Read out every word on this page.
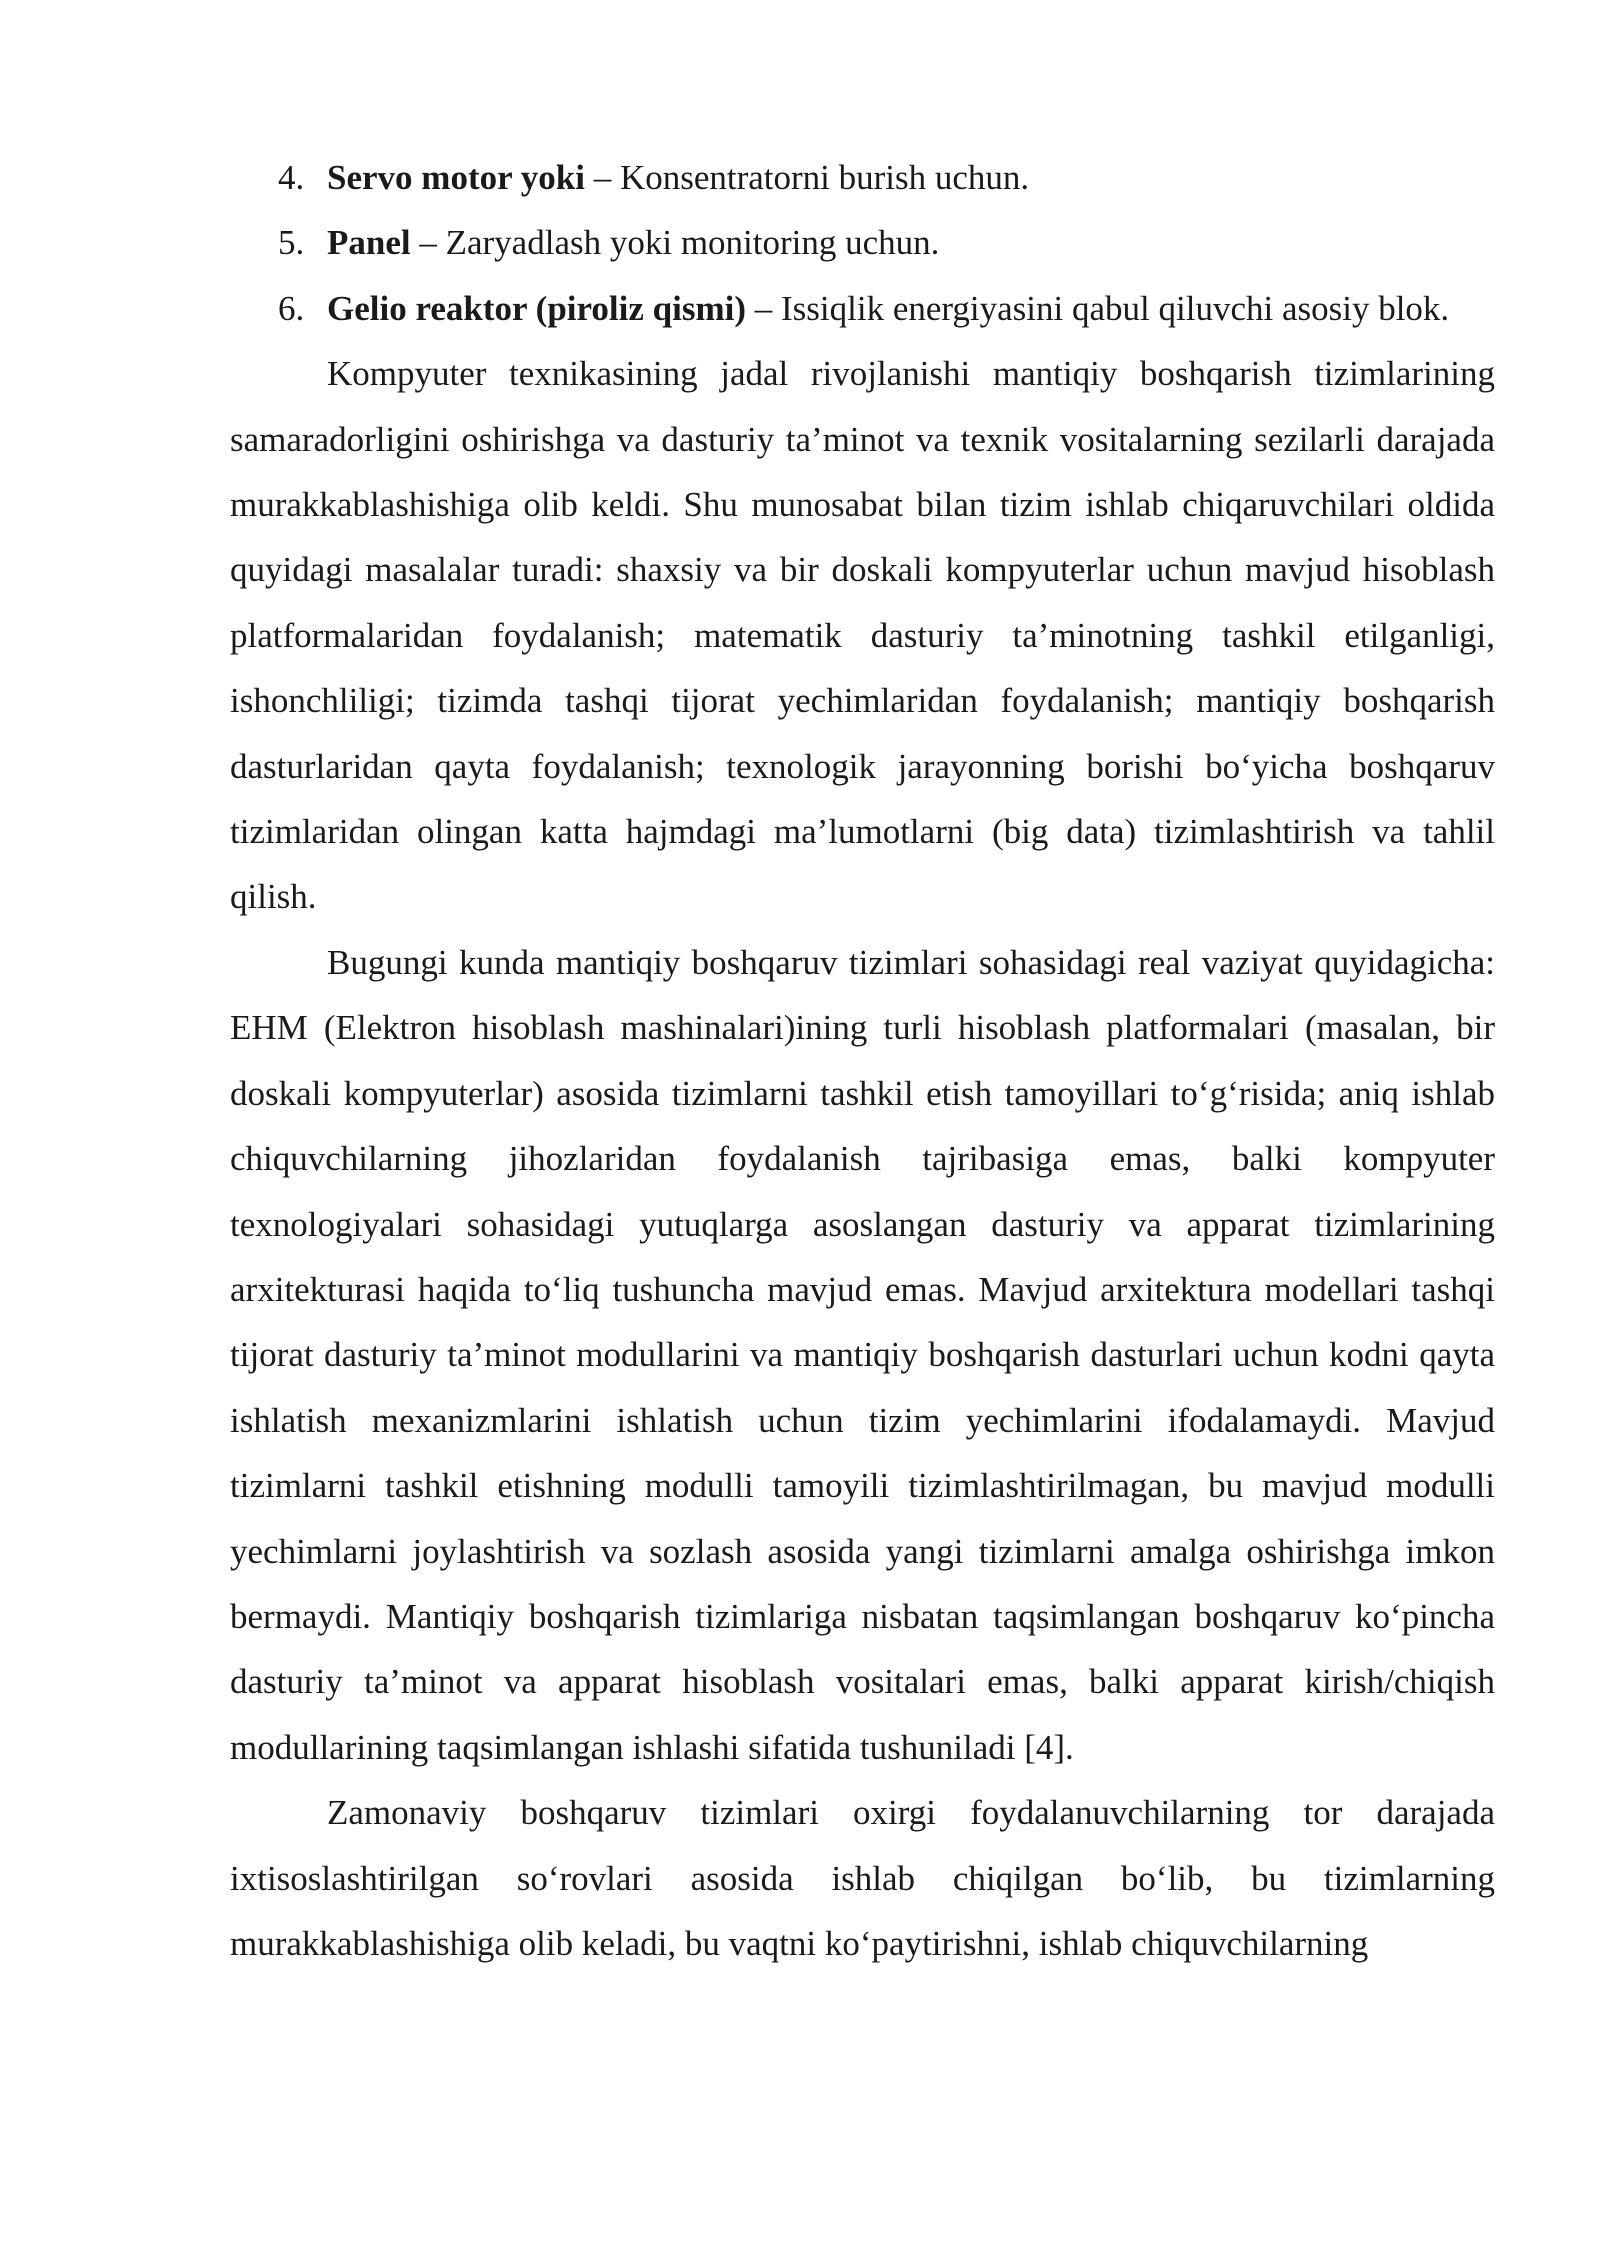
4. Servo motor yoki – Konsentratorni burish uchun.
5. Panel – Zaryadlash yoki monitoring uchun.
6. Gelio reaktor (piroliz qismi) – Issiqlik energiyasini qabul qiluvchi asosiy blok.

Kompyuter texnikasining jadal rivojlanishi mantiqiy boshqarish tizimlarining samaradorligini oshirishga va dasturiy ta’minot va texnik vositalarning sezilarli darajada murakkablashishiga olib keldi. Shu munosabat bilan tizim ishlab chiqaruvchilari oldida quyidagi masalalar turadi: shaxsiy va bir doskali kompyuterlar uchun mavjud hisoblash platformalaridan foydalanish; matematik dasturiy ta’minotning tashkil etilganligi, ishonchliligi; tizimda tashqi tijorat yechimlaridan foydalanish; mantiqiy boshqarish dasturlaridan qayta foydalanish; texnologik jarayonning borishi bo‘yicha boshqaruv tizimlaridan olingan katta hajmdagi ma’lumotlarni (big data) tizimlashtirish va tahlil qilish.

Bugungi kunda mantiqiy boshqaruv tizimlari sohasidagi real vaziyat quyidagicha: EHM (Elektron hisoblash mashinalari)ining turli hisoblash platformalari (masalan, bir doskali kompyuterlar) asosida tizimlarni tashkil etish tamoyillari to‘g‘risida; aniq ishlab chiquvchilarning jihozlaridan foydalanish tajribasiga emas, balki kompyuter texnologiyalari sohasidagi yutuqlarga asoslangan dasturiy va apparat tizimlarining arxitekturasi haqida to‘liq tushuncha mavjud emas. Mavjud arxitektura modellari tashqi tijorat dasturiy ta’minot modullarini va mantiqiy boshqarish dasturlari uchun kodni qayta ishlatish mexanizmlarini ishlatish uchun tizim yechimlarini ifodalamaydi. Mavjud tizimlarni tashkil etishning modulli tamoyili tizimlashtirilmagan, bu mavjud modulli yechimlarni joylashtirish va sozlash asosida yangi tizimlarni amalga oshirishga imkon bermaydi. Mantiqiy boshqarish tizimlariga nisbatan taqsimlangan boshqaruv ko‘pincha dasturiy ta’minot va apparat hisoblash vositalari emas, balki apparat kirish/chiqish modullarining taqsimlangan ishlashi sifatida tushuniladi [4].

Zamonaviy boshqaruv tizimlari oxirgi foydalanuvchilarning tor darajada ixtisoslashtirilgan so‘rovlari asosida ishlab chiqilgan bo‘lib, bu tizimlarning murakkablashishiga olib keladi, bu vaqtni ko‘paytirishni, ishlab chiquvchilarning
